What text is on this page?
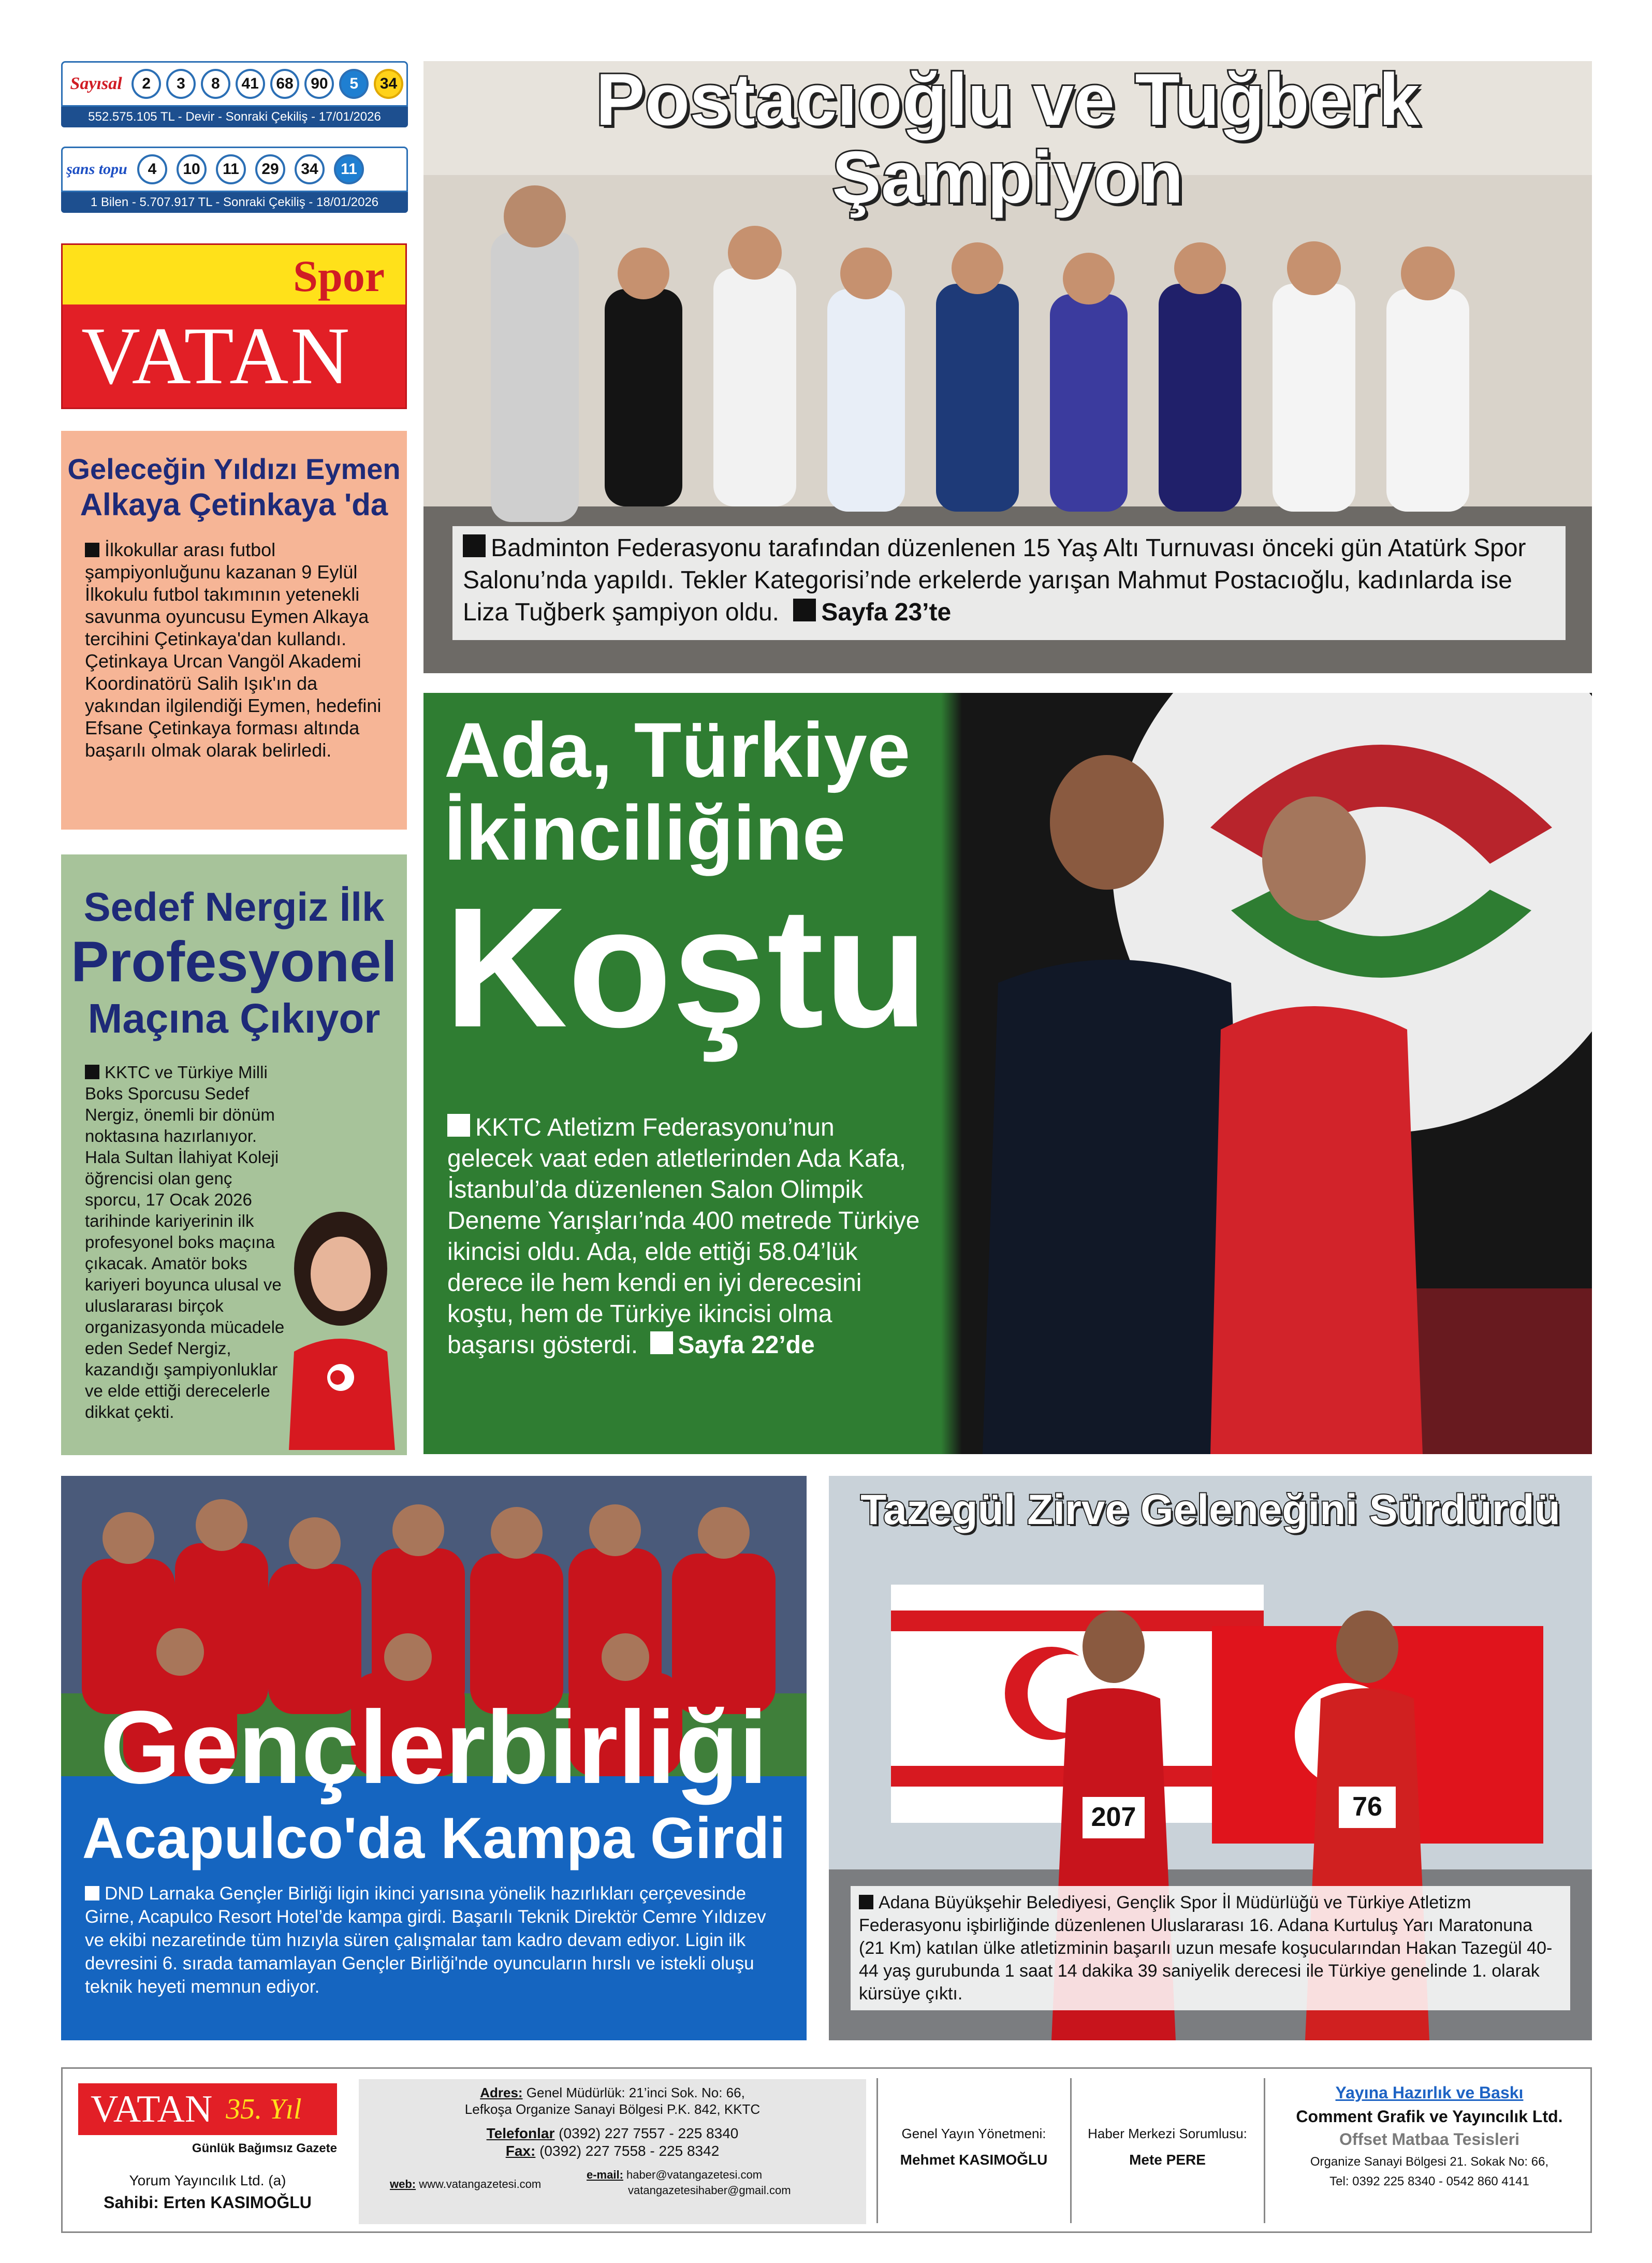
Sayısal	2	3	8	41	68	90	5	34
552.575.105 TL - Devir - Sonraki Çekiliş - 17/01/2026
şans topu	4	10	11	29	34	11
1 Bilen - 5.707.917 TL - Sonraki Çekiliş - 18/01/2026
Spor
VATAN
Geleceğin Yıldızı Eymen
Alkaya Çetinkaya 'da

İlkokullar arası futbol şampiyonluğunu kazanan 9 Eylül İlkokulu futbol takımının yetenekli savunma oyuncusu Eymen Alkaya tercihini Çetinkaya'dan kullandı. Çetinkaya Urcan Vangöl Akademi Koordinatörü Salih Işık'ın da yakından ilgilendiği Eymen, hedefini Efsane Çetinkaya forması altında başarılı olmak olarak belirledi.

Sedef Nergiz İlk
Profesyonel
Maçına Çıkıyor

KKTC ve Türkiye Milli Boks Sporcusu Sedef Nergiz, önemli bir dönüm noktasına hazırlanıyor. Hala Sultan İlahiyat Koleji öğrencisi olan genç sporcu, 17 Ocak 2026 tarihinde kariyerinin ilk profesyonel boks maçına çıkacak. Amatör boks kariyeri boyunca ulusal ve uluslararası birçok organizasyonda mücadele eden Sedef Nergiz, kazandığı şampiyonluklar ve elde ettiği derecelerle dikkat çekti.

Postacıoğlu ve Tuğberk Şampiyon
Badminton Federasyonu tarafından düzenlenen 15 Yaş Altı Turnuvası önceki gün Atatürk Spor Salonu’nda yapıldı. Tekler Kategorisi’nde erkelerde yarışan Mahmut Postacıoğlu, kadınlarda ise Liza Tuğberk şampiyon oldu. Sayfa 23’te
Ada, Türkiye
İkinciliğine
Koştu
KKTC Atletizm Federasyonu’nun gelecek vaat eden atletlerinden Ada Kafa, İstanbul’da düzenlenen Salon Olimpik Deneme Yarışları’nda 400 metrede Türkiye ikincisi oldu. Ada, elde ettiği 58.04’lük derece ile hem kendi en iyi derecesini koştu, hem de Türkiye ikincisi olma başarısı gösterdi. Sayfa 22’de
Gençlerbirliği
Acapulco'da Kampa Girdi
DND Larnaka Gençler Birliği ligin ikinci yarısına yönelik hazırlıkları çerçevesinde Girne, Acapulco Resort Hotel’de kampa girdi. Başarılı Teknik Direktör Cemre Yıldızev ve ekibi nezaretinde tüm hızıyla süren çalışmalar tam kadro devam ediyor. Ligin ilk devresini 6. sırada tamamlayan Gençler Birliği'nde oyuncuların hırslı ve istekli oluşu teknik heyeti memnun ediyor.
207	76
Tazegül Zirve Geleneğini Sürdürdü
Adana Büyükşehir Belediyesi, Gençlik Spor İl Müdürlüğü ve Türkiye Atletizm Federasyonu işbirliğinde düzenlenen Uluslararası 16. Adana Kurtuluş Yarı Maratonuna (21 Km) katılan ülke atletizminin başarılı uzun mesafe koşucularından Hakan Tazegül 40-44 yaş gurubunda 1 saat 14 dakika 39 saniyelik derecesi ile Türkiye genelinde 1. olarak kürsüye çıktı.
VATAN 35. Yıl
Günlük Bağımsız Gazete
Yorum Yayıncılık Ltd. (a)
Sahibi: Erten KASIMOĞLU
Adres: Genel Müdürlük: 21’inci Sok. No: 66,
Lefkoşa Organize Sanayi Bölgesi P.K. 842, KKTC
Telefonlar (0392) 227 7557 - 225 8340
Fax: (0392) 227 7558 - 225 8342
web: www.vatangazetesi.com
e-mail: haber@vatangazetesi.com
vatangazetesihaber@gmail.com
Genel Yayın Yönetmeni:
Mehmet KASIMOĞLU
Haber Merkezi Sorumlusu:
Mete PERE
Yayına Hazırlık ve Baskı
Comment Grafik ve Yayıncılık Ltd.
Offset Matbaa Tesisleri
Organize Sanayi Bölgesi 21. Sokak No: 66,
Tel: 0392 225 8340 - 0542 860 4141
